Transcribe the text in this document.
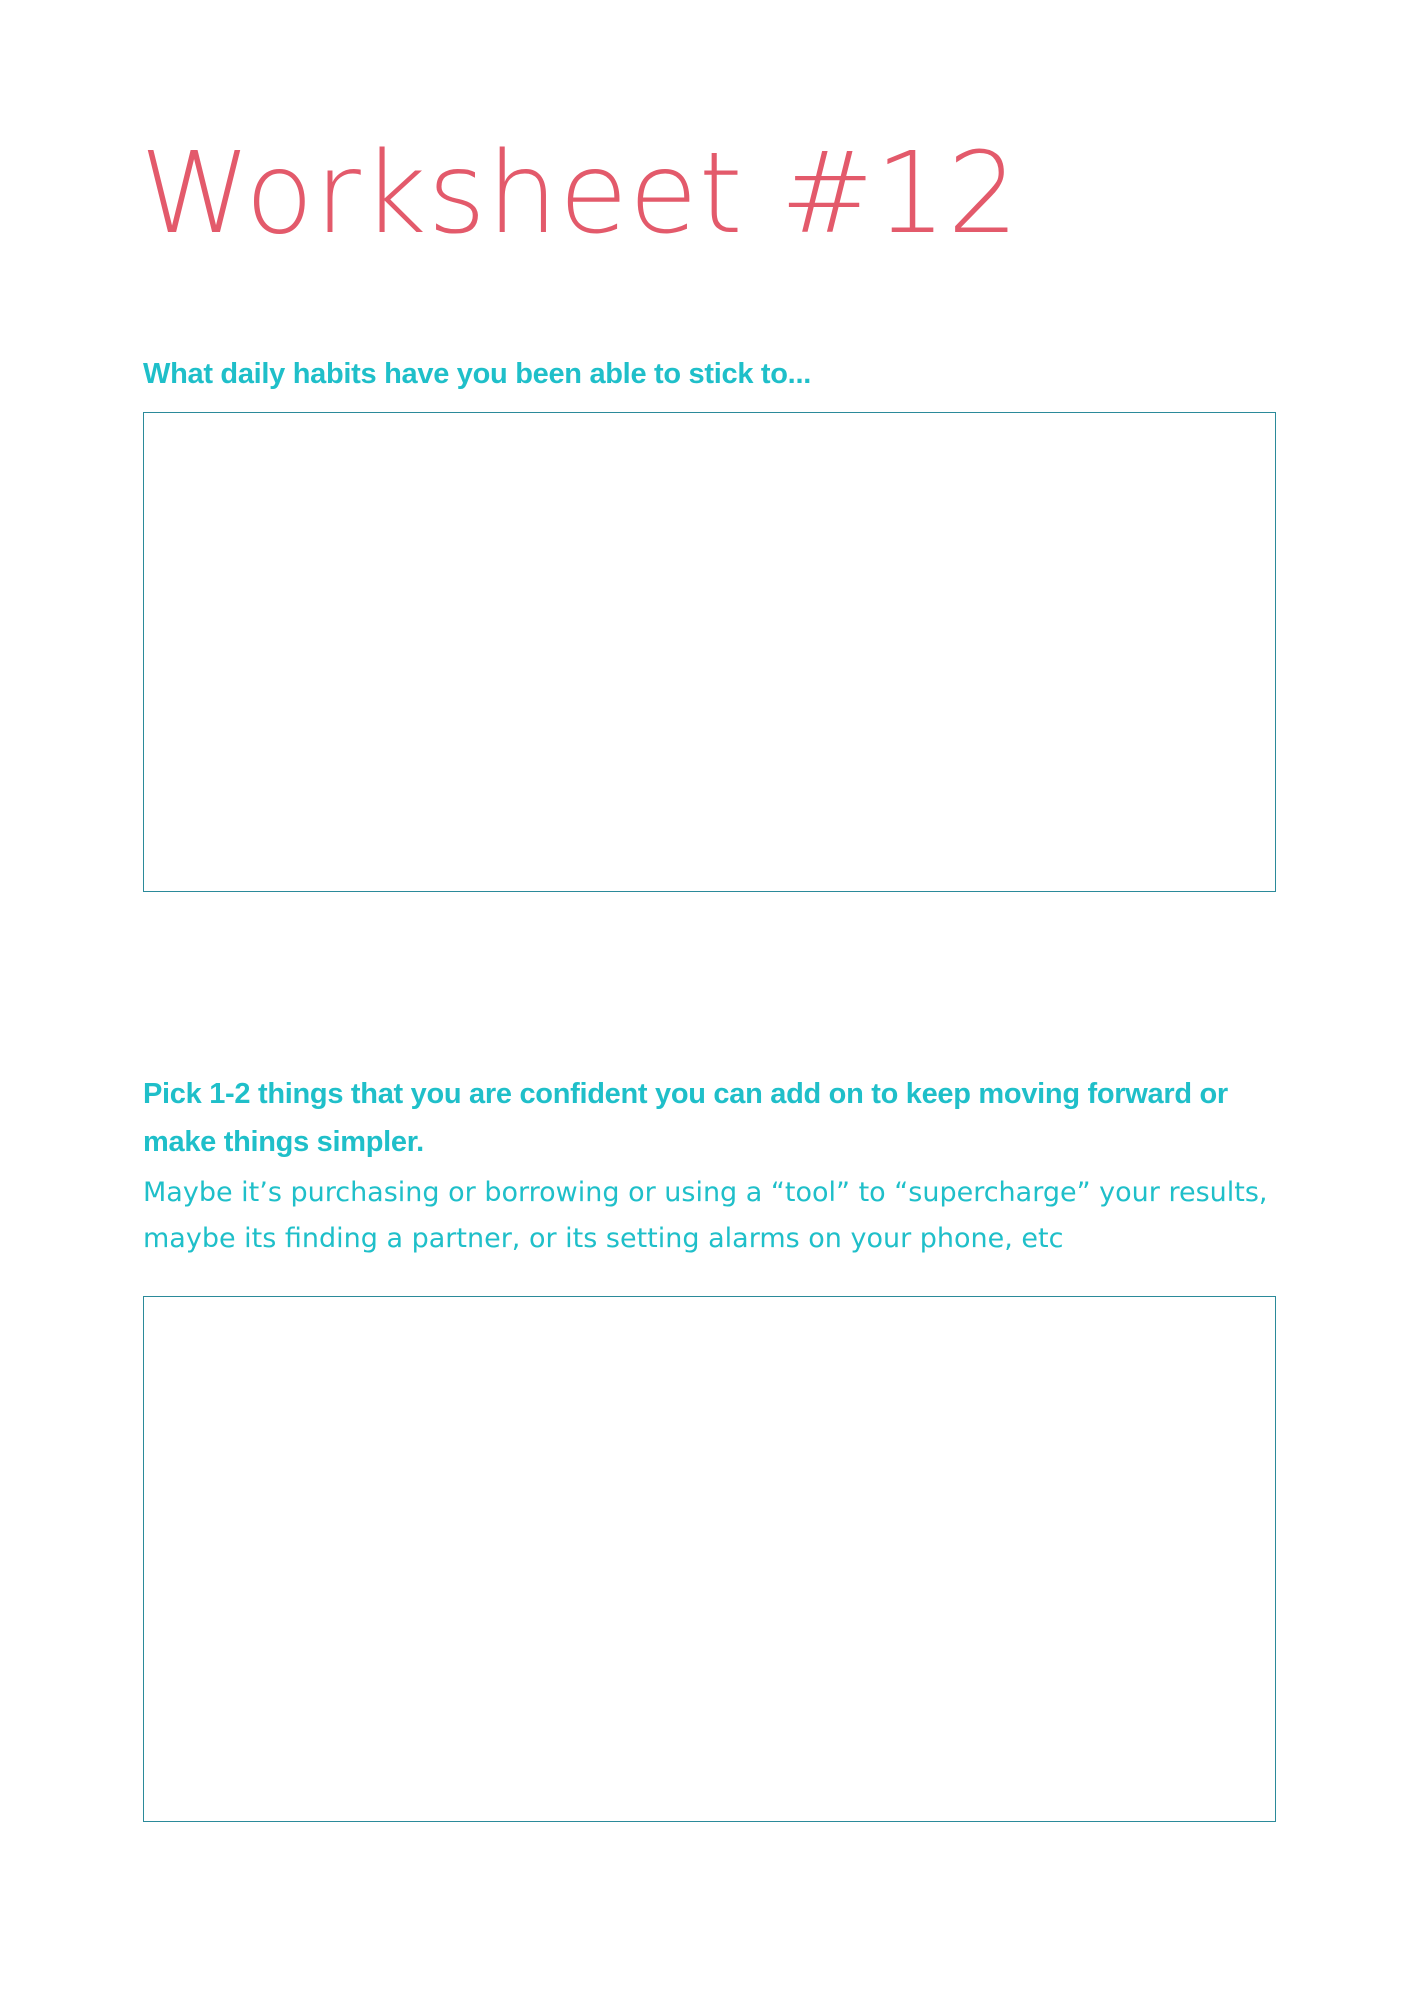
Worksheet #12

What daily habits have you been able to stick to...

Pick 1-2 things that you are confident you can add on to keep moving forward or make things simpler.

Maybe it’s purchasing or borrowing or using a “tool” to “supercharge” your results, maybe its finding a partner, or its setting alarms on your phone, etc
